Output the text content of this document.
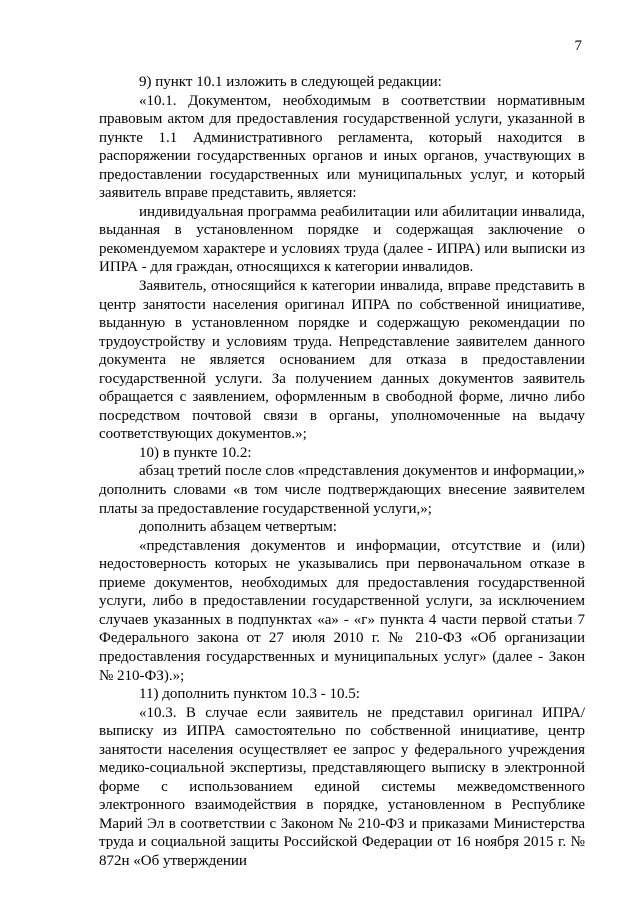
7

9) пункт 10.1 изложить в следующей редакции:

«10.1. Документом, необходимым в соответствии нормативным правовым актом для предоставления государственной услуги, указанной в пункте 1.1 Административного регламента, который находится в распоряжении государственных органов и иных органов, участвующих в предоставлении государственных или муниципальных услуг, и который заявитель вправе представить, является:

индивидуальная программа реабилитации или абилитации инвалида, выданная в установленном порядке и содержащая заключение о рекомендуемом характере и условиях труда (далее - ИПРА) или выписки из ИПРА - для граждан, относящихся к категории инвалидов.

Заявитель, относящийся к категории инвалида, вправе представить в центр занятости населения оригинал ИПРА по собственной инициативе, выданную в установленном порядке и содержащую рекомендации по трудоустройству и условиям труда. Непредставление заявителем данного документа не является основанием для отказа в предоставлении государственной услуги. За получением данных документов заявитель обращается с заявлением, оформленным в свободной форме, лично либо посредством почтовой связи в органы, уполномоченные на выдачу соответствующих документов.»;

10) в пункте 10.2:

абзац третий после слов «представления документов и информации,» дополнить словами «в том числе подтверждающих внесение заявителем платы за предоставление государственной услуги,»;

дополнить абзацем четвертым:

«представления документов и информации, отсутствие и (или) недостоверность которых не указывались при первоначальном отказе в приеме документов, необходимых для предоставления государственной услуги, либо в предоставлении государственной услуги, за исключением случаев указанных в подпунктах «а» - «г» пункта 4 части первой статьи 7 Федерального закона от 27 июля 2010 г. № 210-ФЗ «Об организации предоставления государственных и муниципальных услуг» (далее - Закон № 210-ФЗ).»;

11) дополнить пунктом 10.3 - 10.5:

«10.3. В случае если заявитель не представил оригинал ИПРА/ выписку из ИПРА самостоятельно по собственной инициативе, центр занятости населения осуществляет ее запрос у федерального учреждения медико-социальной экспертизы, представляющего выписку в электронной форме с использованием единой системы межведомственного электронного взаимодействия в порядке, установленном в Республике Марий Эл в соответствии с Законом № 210-ФЗ и приказами Министерства труда и социальной защиты Российской Федерации от 16 ноября 2015 г. № 872н «Об утверждении
